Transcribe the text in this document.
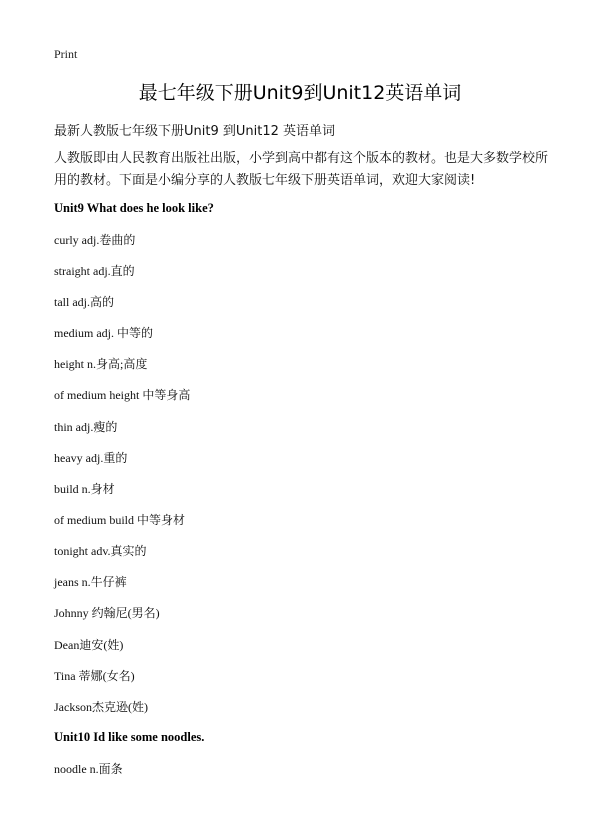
Print
最七年级下册Unit9到Unit12英语单词
最新人教版七年级下册Unit9 到Unit12 英语单词
人教版即由人民教育出版社出版，小学到高中都有这个版本的教材。也是大多数学校所用的教材。下面是小编分享的人教版七年级下册英语单词，欢迎大家阅读!
Unit9 What does he look like?
curly adj.卷曲的
straight adj.直的
tall adj.高的
medium adj. 中等的
height n.身高;高度
of medium height 中等身高
thin adj.瘦的
heavy adj.重的
build n.身材
of medium build 中等身材
tonight adv.真实的
jeans n.牛仔裤
Johnny 约翰尼(男名)
Dean迪安(姓)
Tina 蒂娜(女名)
Jackson杰克逊(姓)
Unit10 Id like some noodles.
noodle n.面条
